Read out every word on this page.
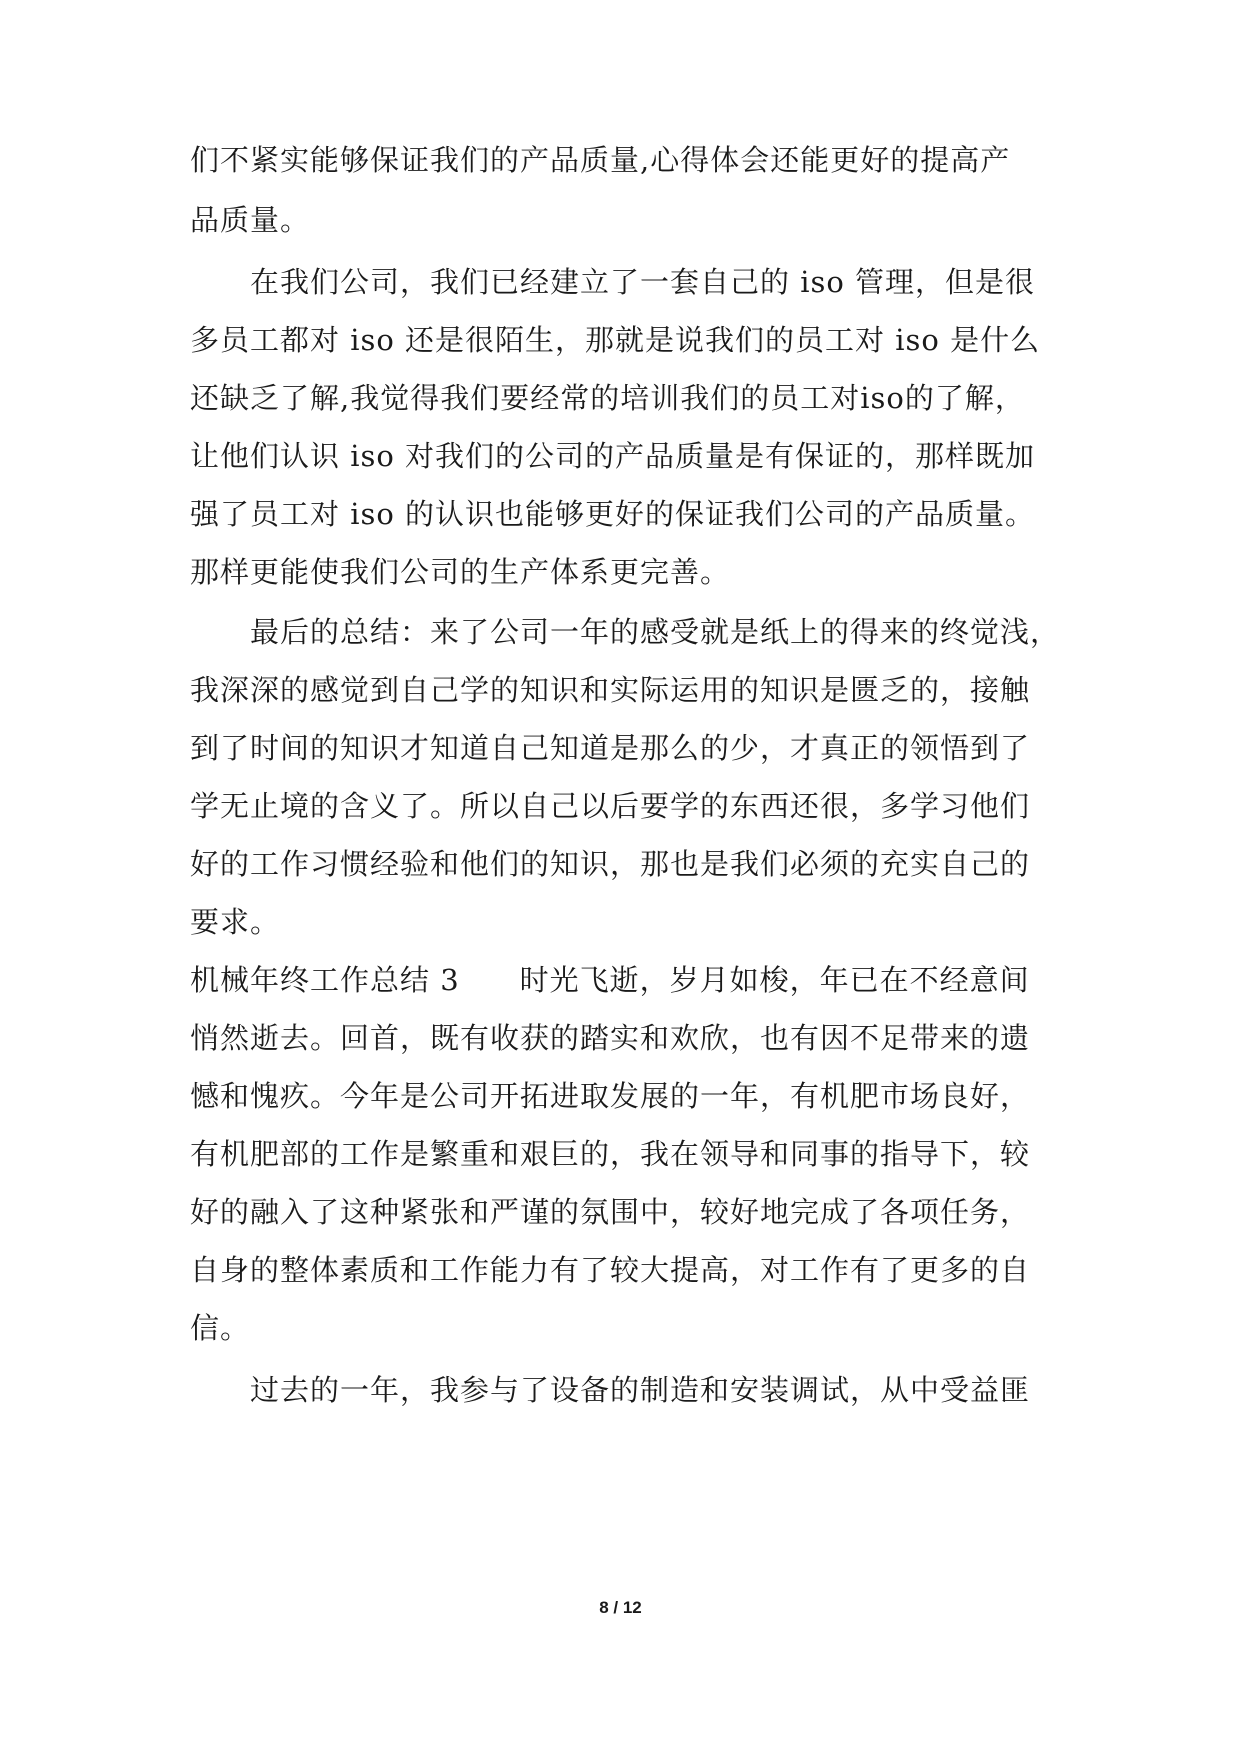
们不紧实能够保证我们的产品质量,心得体会还能更好的提高产
品质量。
在我们公司，我们已经建立了一套自己的 iso 管理，但是很
多员工都对 iso 还是很陌生，那就是说我们的员工对 iso 是什么
还缺乏了解,我觉得我们要经常的培训我们的员工对iso的了解，
让他们认识 iso 对我们的公司的产品质量是有保证的，那样既加
强了员工对 iso 的认识也能够更好的保证我们公司的产品质量。
那样更能使我们公司的生产体系更完善。
最后的总结：来了公司一年的感受就是纸上的得来的终觉浅，
我深深的感觉到自己学的知识和实际运用的知识是匮乏的，接触
到了时间的知识才知道自己知道是那么的少，才真正的领悟到了
学无止境的含义了。所以自己以后要学的东西还很，多学习他们
好的工作习惯经验和他们的知识，那也是我们必须的充实自己的
要求。
机械年终工作总结 3 时光飞逝，岁月如梭，年已在不经意间
悄然逝去。回首，既有收获的踏实和欢欣，也有因不足带来的遗
憾和愧疚。今年是公司开拓进取发展的一年，有机肥市场良好，
有机肥部的工作是繁重和艰巨的，我在领导和同事的指导下，较
好的融入了这种紧张和严谨的氛围中，较好地完成了各项任务，
自身的整体素质和工作能力有了较大提高，对工作有了更多的自
信。
过去的一年，我参与了设备的制造和安装调试，从中受益匪
8 / 12
